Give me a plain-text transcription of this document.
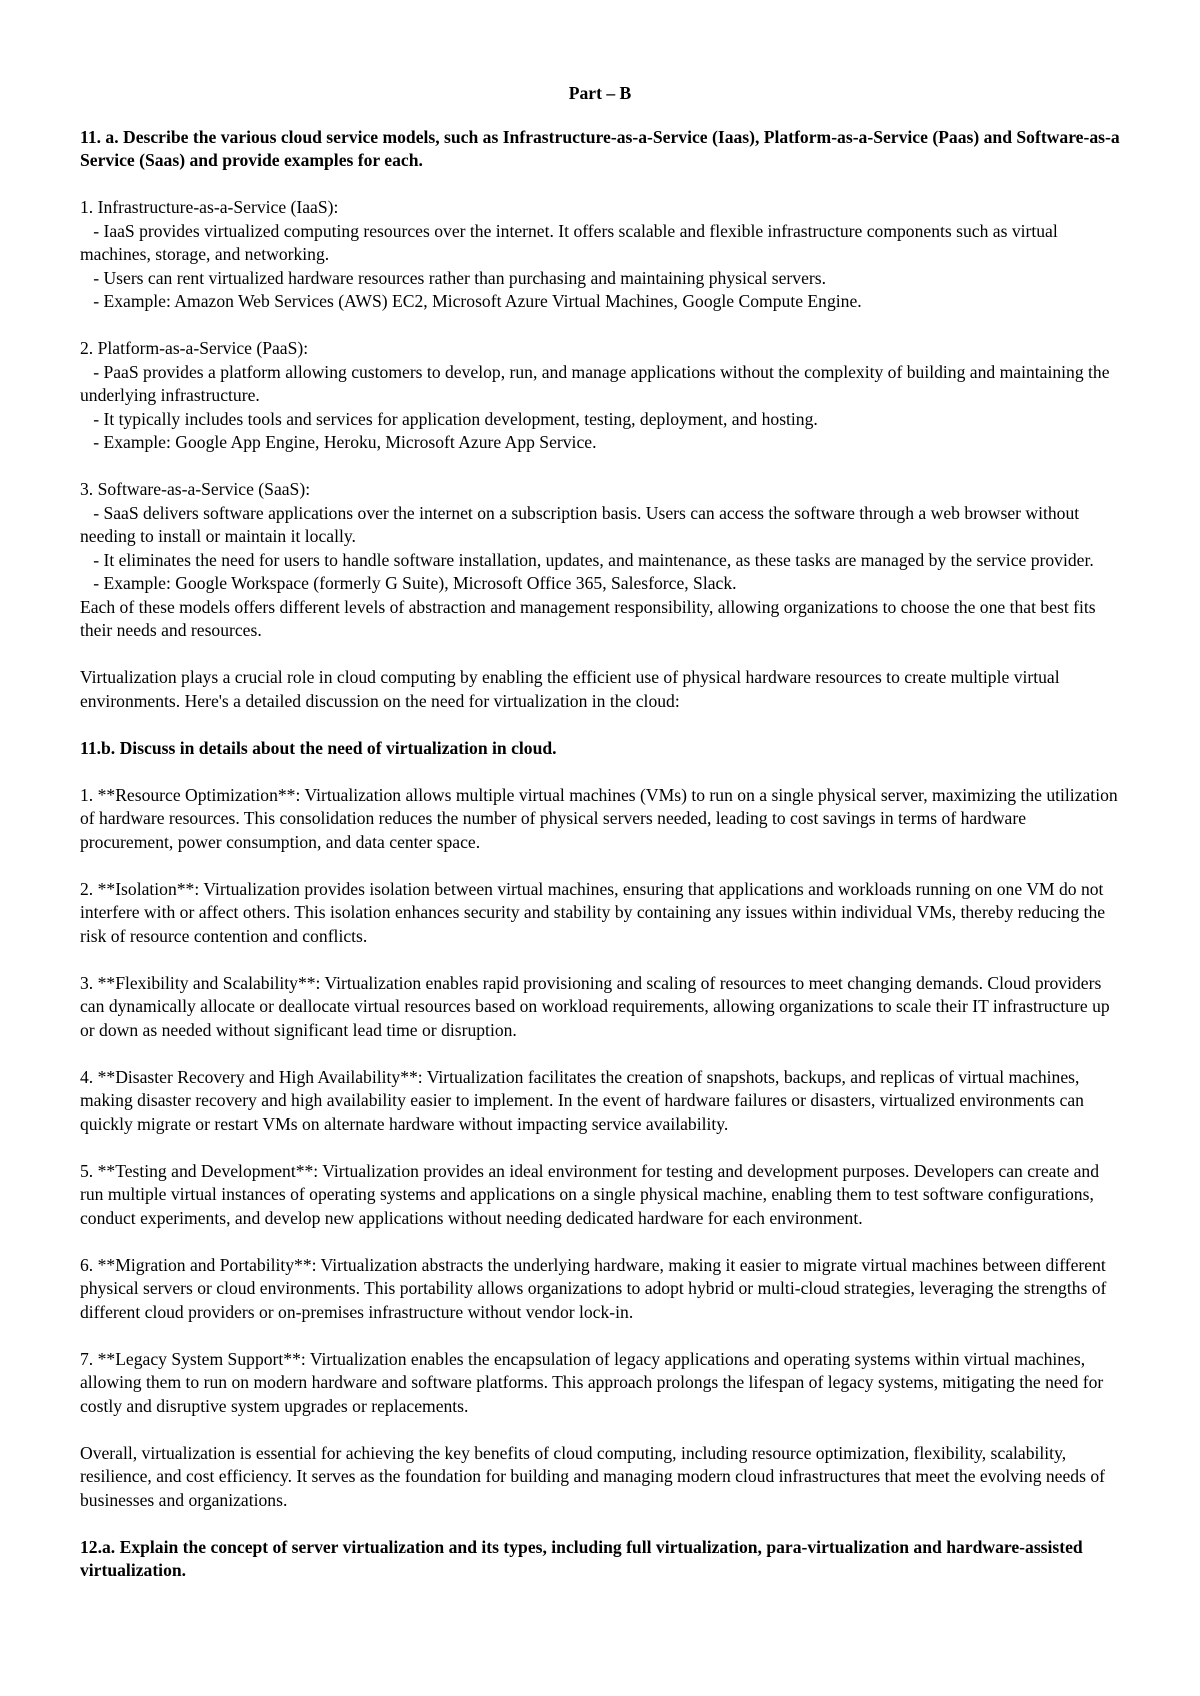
Part – B

11. a. Describe the various cloud service models, such as Infrastructure-as-a-Service (Iaas), Platform-as-a-Service (Paas) and Software-as-a Service (Saas) and provide examples for each.

1. Infrastructure-as-a-Service (IaaS):

- IaaS provides virtualized computing resources over the internet. It offers scalable and flexible infrastructure components such as virtual machines, storage, and networking.

- Users can rent virtualized hardware resources rather than purchasing and maintaining physical servers.

- Example: Amazon Web Services (AWS) EC2, Microsoft Azure Virtual Machines, Google Compute Engine.

2. Platform-as-a-Service (PaaS):

- PaaS provides a platform allowing customers to develop, run, and manage applications without the complexity of building and maintaining the underlying infrastructure.

- It typically includes tools and services for application development, testing, deployment, and hosting.

- Example: Google App Engine, Heroku, Microsoft Azure App Service.

3. Software-as-a-Service (SaaS):

- SaaS delivers software applications over the internet on a subscription basis. Users can access the software through a web browser without needing to install or maintain it locally.

- It eliminates the need for users to handle software installation, updates, and maintenance, as these tasks are managed by the service provider.

- Example: Google Workspace (formerly G Suite), Microsoft Office 365, Salesforce, Slack.

Each of these models offers different levels of abstraction and management responsibility, allowing organizations to choose the one that best fits their needs and resources.

Virtualization plays a crucial role in cloud computing by enabling the efficient use of physical hardware resources to create multiple virtual environments. Here's a detailed discussion on the need for virtualization in the cloud:

11.b. Discuss in details about the need of virtualization in cloud.

1. **Resource Optimization**: Virtualization allows multiple virtual machines (VMs) to run on a single physical server, maximizing the utilization of hardware resources. This consolidation reduces the number of physical servers needed, leading to cost savings in terms of hardware procurement, power consumption, and data center space.

2. **Isolation**: Virtualization provides isolation between virtual machines, ensuring that applications and workloads running on one VM do not interfere with or affect others. This isolation enhances security and stability by containing any issues within individual VMs, thereby reducing the risk of resource contention and conflicts.

3. **Flexibility and Scalability**: Virtualization enables rapid provisioning and scaling of resources to meet changing demands. Cloud providers can dynamically allocate or deallocate virtual resources based on workload requirements, allowing organizations to scale their IT infrastructure up or down as needed without significant lead time or disruption.

4. **Disaster Recovery and High Availability**: Virtualization facilitates the creation of snapshots, backups, and replicas of virtual machines, making disaster recovery and high availability easier to implement. In the event of hardware failures or disasters, virtualized environments can quickly migrate or restart VMs on alternate hardware without impacting service availability.

5. **Testing and Development**: Virtualization provides an ideal environment for testing and development purposes. Developers can create and run multiple virtual instances of operating systems and applications on a single physical machine, enabling them to test software configurations, conduct experiments, and develop new applications without needing dedicated hardware for each environment.

6. **Migration and Portability**: Virtualization abstracts the underlying hardware, making it easier to migrate virtual machines between different physical servers or cloud environments. This portability allows organizations to adopt hybrid or multi-cloud strategies, leveraging the strengths of different cloud providers or on-premises infrastructure without vendor lock-in.

7. **Legacy System Support**: Virtualization enables the encapsulation of legacy applications and operating systems within virtual machines, allowing them to run on modern hardware and software platforms. This approach prolongs the lifespan of legacy systems, mitigating the need for costly and disruptive system upgrades or replacements.

Overall, virtualization is essential for achieving the key benefits of cloud computing, including resource optimization, flexibility, scalability, resilience, and cost efficiency. It serves as the foundation for building and managing modern cloud infrastructures that meet the evolving needs of businesses and organizations.

12.a. Explain the concept of server virtualization and its types, including full virtualization, para-virtualization and hardware-assisted virtualization.
